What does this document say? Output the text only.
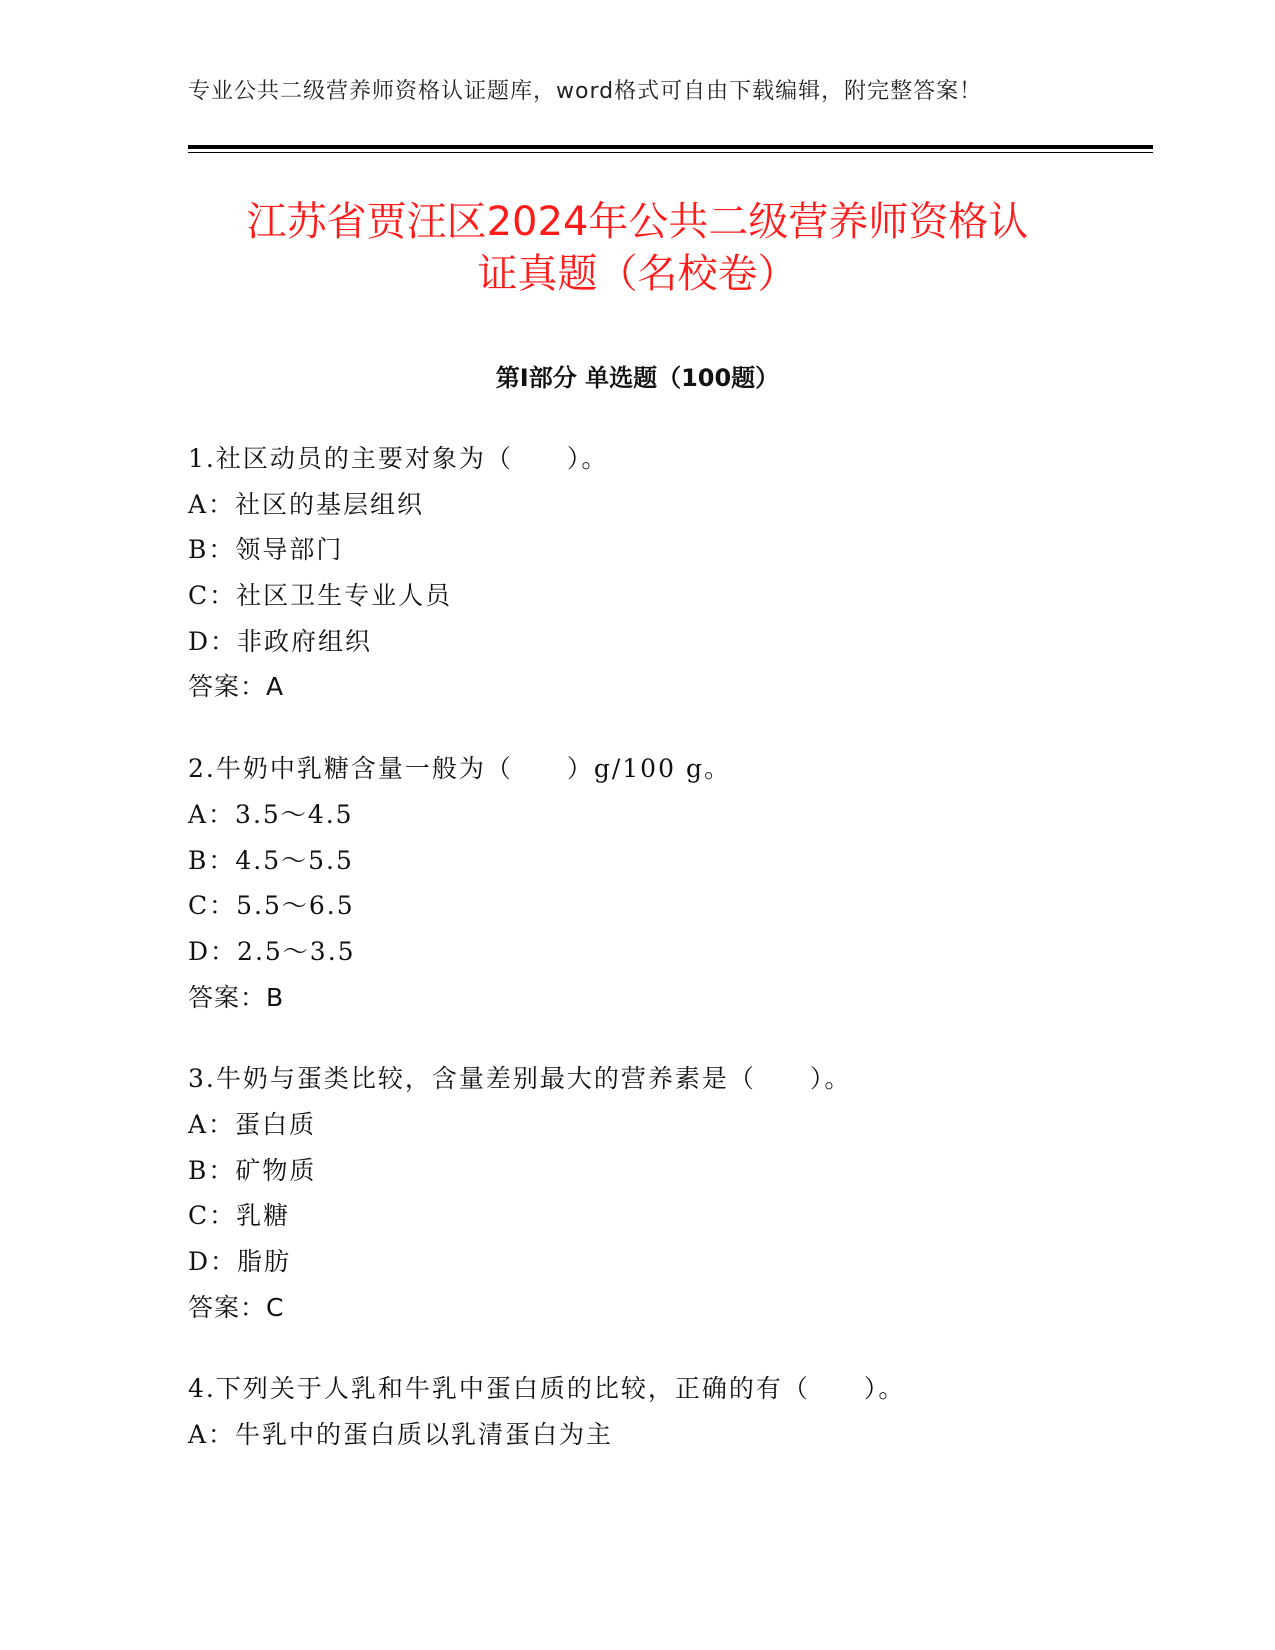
专业公共二级营养师资格认证题库，word格式可自由下载编辑，附完整答案！
江苏省贾汪区2024年公共二级营养师资格认
证真题（名校卷）
第Ⅰ部分 单选题（100题）
1.社区动员的主要对象为（　　）。
A：社区的基层组织
B：领导部门
C：社区卫生专业人员
D：非政府组织
答案：A
2.牛奶中乳糖含量一般为（　　）g/100 g。
A：3.5～4.5
B：4.5～5.5
C：5.5～6.5
D：2.5～3.5
答案：B
3.牛奶与蛋类比较，含量差别最大的营养素是（　　）。
A：蛋白质
B：矿物质
C：乳糖
D：脂肪
答案：C
4.下列关于人乳和牛乳中蛋白质的比较，正确的有（　　）。
A：牛乳中的蛋白质以乳清蛋白为主
